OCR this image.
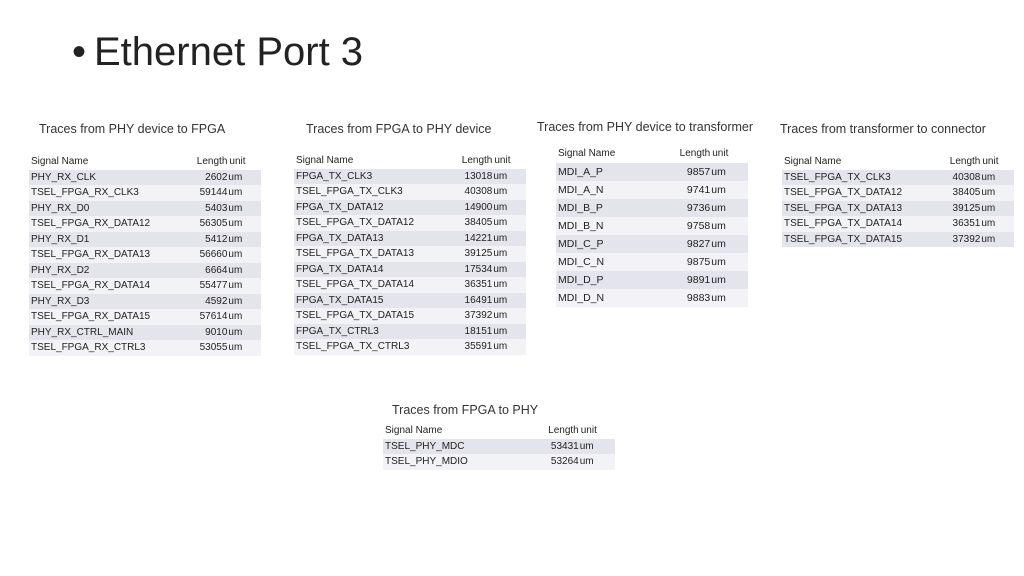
• Ethernet Port 3
Traces from PHY device to FPGA
Signal Name	Length	unit
PHY_RX_CLK	2602	um
TSEL_FPGA_RX_CLK3	59144	um
PHY_RX_D0	5403	um
TSEL_FPGA_RX_DATA12	56305	um
PHY_RX_D1	5412	um
TSEL_FPGA_RX_DATA13	56660	um
PHY_RX_D2	6664	um
TSEL_FPGA_RX_DATA14	55477	um
PHY_RX_D3	4592	um
TSEL_FPGA_RX_DATA15	57614	um
PHY_RX_CTRL_MAIN	9010	um
TSEL_FPGA_RX_CTRL3	53055	um
Traces from FPGA to PHY device
Signal Name	Length	unit
FPGA_TX_CLK3	13018	um
TSEL_FPGA_TX_CLK3	40308	um
FPGA_TX_DATA12	14900	um
TSEL_FPGA_TX_DATA12	38405	um
FPGA_TX_DATA13	14221	um
TSEL_FPGA_TX_DATA13	39125	um
FPGA_TX_DATA14	17534	um
TSEL_FPGA_TX_DATA14	36351	um
FPGA_TX_DATA15	16491	um
TSEL_FPGA_TX_DATA15	37392	um
FPGA_TX_CTRL3	18151	um
TSEL_FPGA_TX_CTRL3	35591	um
Traces from PHY device to transformer
Signal Name	Length	unit
MDI_A_P	9857	um
MDI_A_N	9741	um
MDI_B_P	9736	um
MDI_B_N	9758	um
MDI_C_P	9827	um
MDI_C_N	9875	um
MDI_D_P	9891	um
MDI_D_N	9883	um
Traces from transformer to connector
Signal Name	Length	unit
TSEL_FPGA_TX_CLK3	40308	um
TSEL_FPGA_TX_DATA12	38405	um
TSEL_FPGA_TX_DATA13	39125	um
TSEL_FPGA_TX_DATA14	36351	um
TSEL_FPGA_TX_DATA15	37392	um
Traces from FPGA to PHY
Signal Name	Length	unit
TSEL_PHY_MDC	53431	um
TSEL_PHY_MDIO	53264	um
